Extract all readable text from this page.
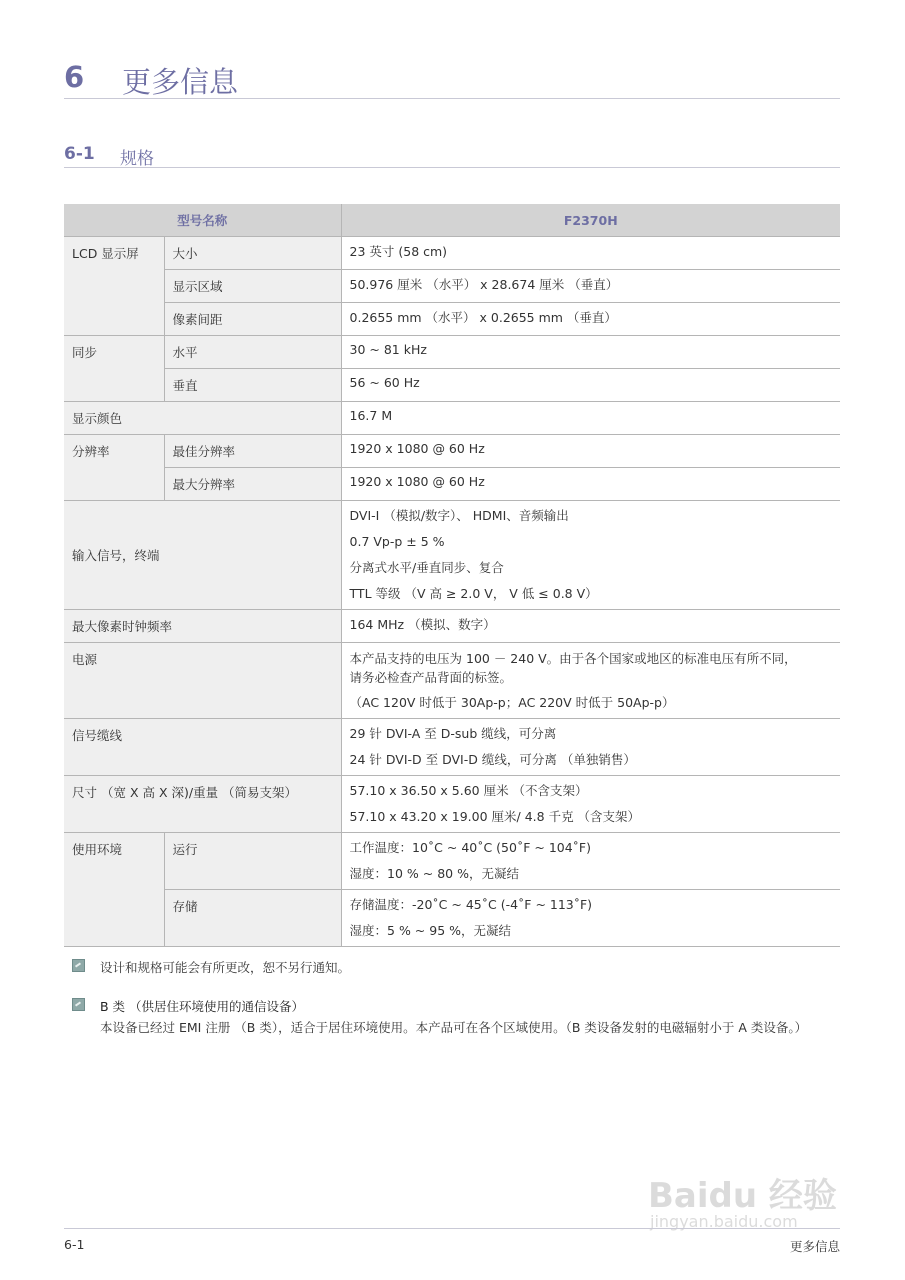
6 更多信息
6-1 规格
型号名称		F2370H
LCD 显示屏	大小	23 英寸 (58 cm)

	显示区域	50.976 厘米 （水平） x 28.674 厘米 （垂直）

	像素间距	0.2655 mm （水平） x 0.2655 mm （垂直）

同步	水平	30 ~ 81 kHz

	垂直	56 ~ 60 Hz

显示颜色		16.7 M

分辨率	最佳分辨率	1920 x 1080 @ 60 Hz

	最大分辨率	1920 x 1080 @ 60 Hz

输入信号，终端		DVI-I （模拟/数字）、 HDMI、音频输出
0.7 Vp-p ± 5 %
分离式水平/垂直同步、复合
TTL 等级 （V 高 ≥ 2.0 V， V 低 ≤ 0.8 V）

最大像素时钟频率		164 MHz （模拟、数字）

电源		本产品支持的电压为 100 － 240 V。由于各个国家或地区的标准电压有所不同，
请务必检查产品背面的标签。
（AC 120V 时低于 30Ap-p；AC 220V 时低于 50Ap-p）

信号缆线		29 针 DVI-A 至 D-sub 缆线，可分离
24 针 DVI-D 至 DVI-D 缆线，可分离 （单独销售）

尺寸 （宽 X 高 X 深)/重量 （简易支架）		57.10 x 36.50 x 5.60 厘米 （不含支架）
57.10 x 43.20 x 19.00 厘米/ 4.8 千克 （含支架）

使用环境	运行	工作温度：10˚C ~ 40˚C (50˚F ~ 104˚F)
湿度：10 % ~ 80 %，无凝结

	存储	存储温度：-20˚C ~ 45˚C (-4˚F ~ 113˚F)
湿度：5 % ~ 95 %，无凝结
设计和规格可能会有所更改，恕不另行通知。
B 类 （供居住环境使用的通信设备）
本设备已经过 EMI 注册 （B 类），适合于居住环境使用。本产品可在各个区域使用。（B 类设备发射的电磁辐射小于 A 类设备。）
Baidu 经验
jingyan.baidu.com
6-1	更多信息
